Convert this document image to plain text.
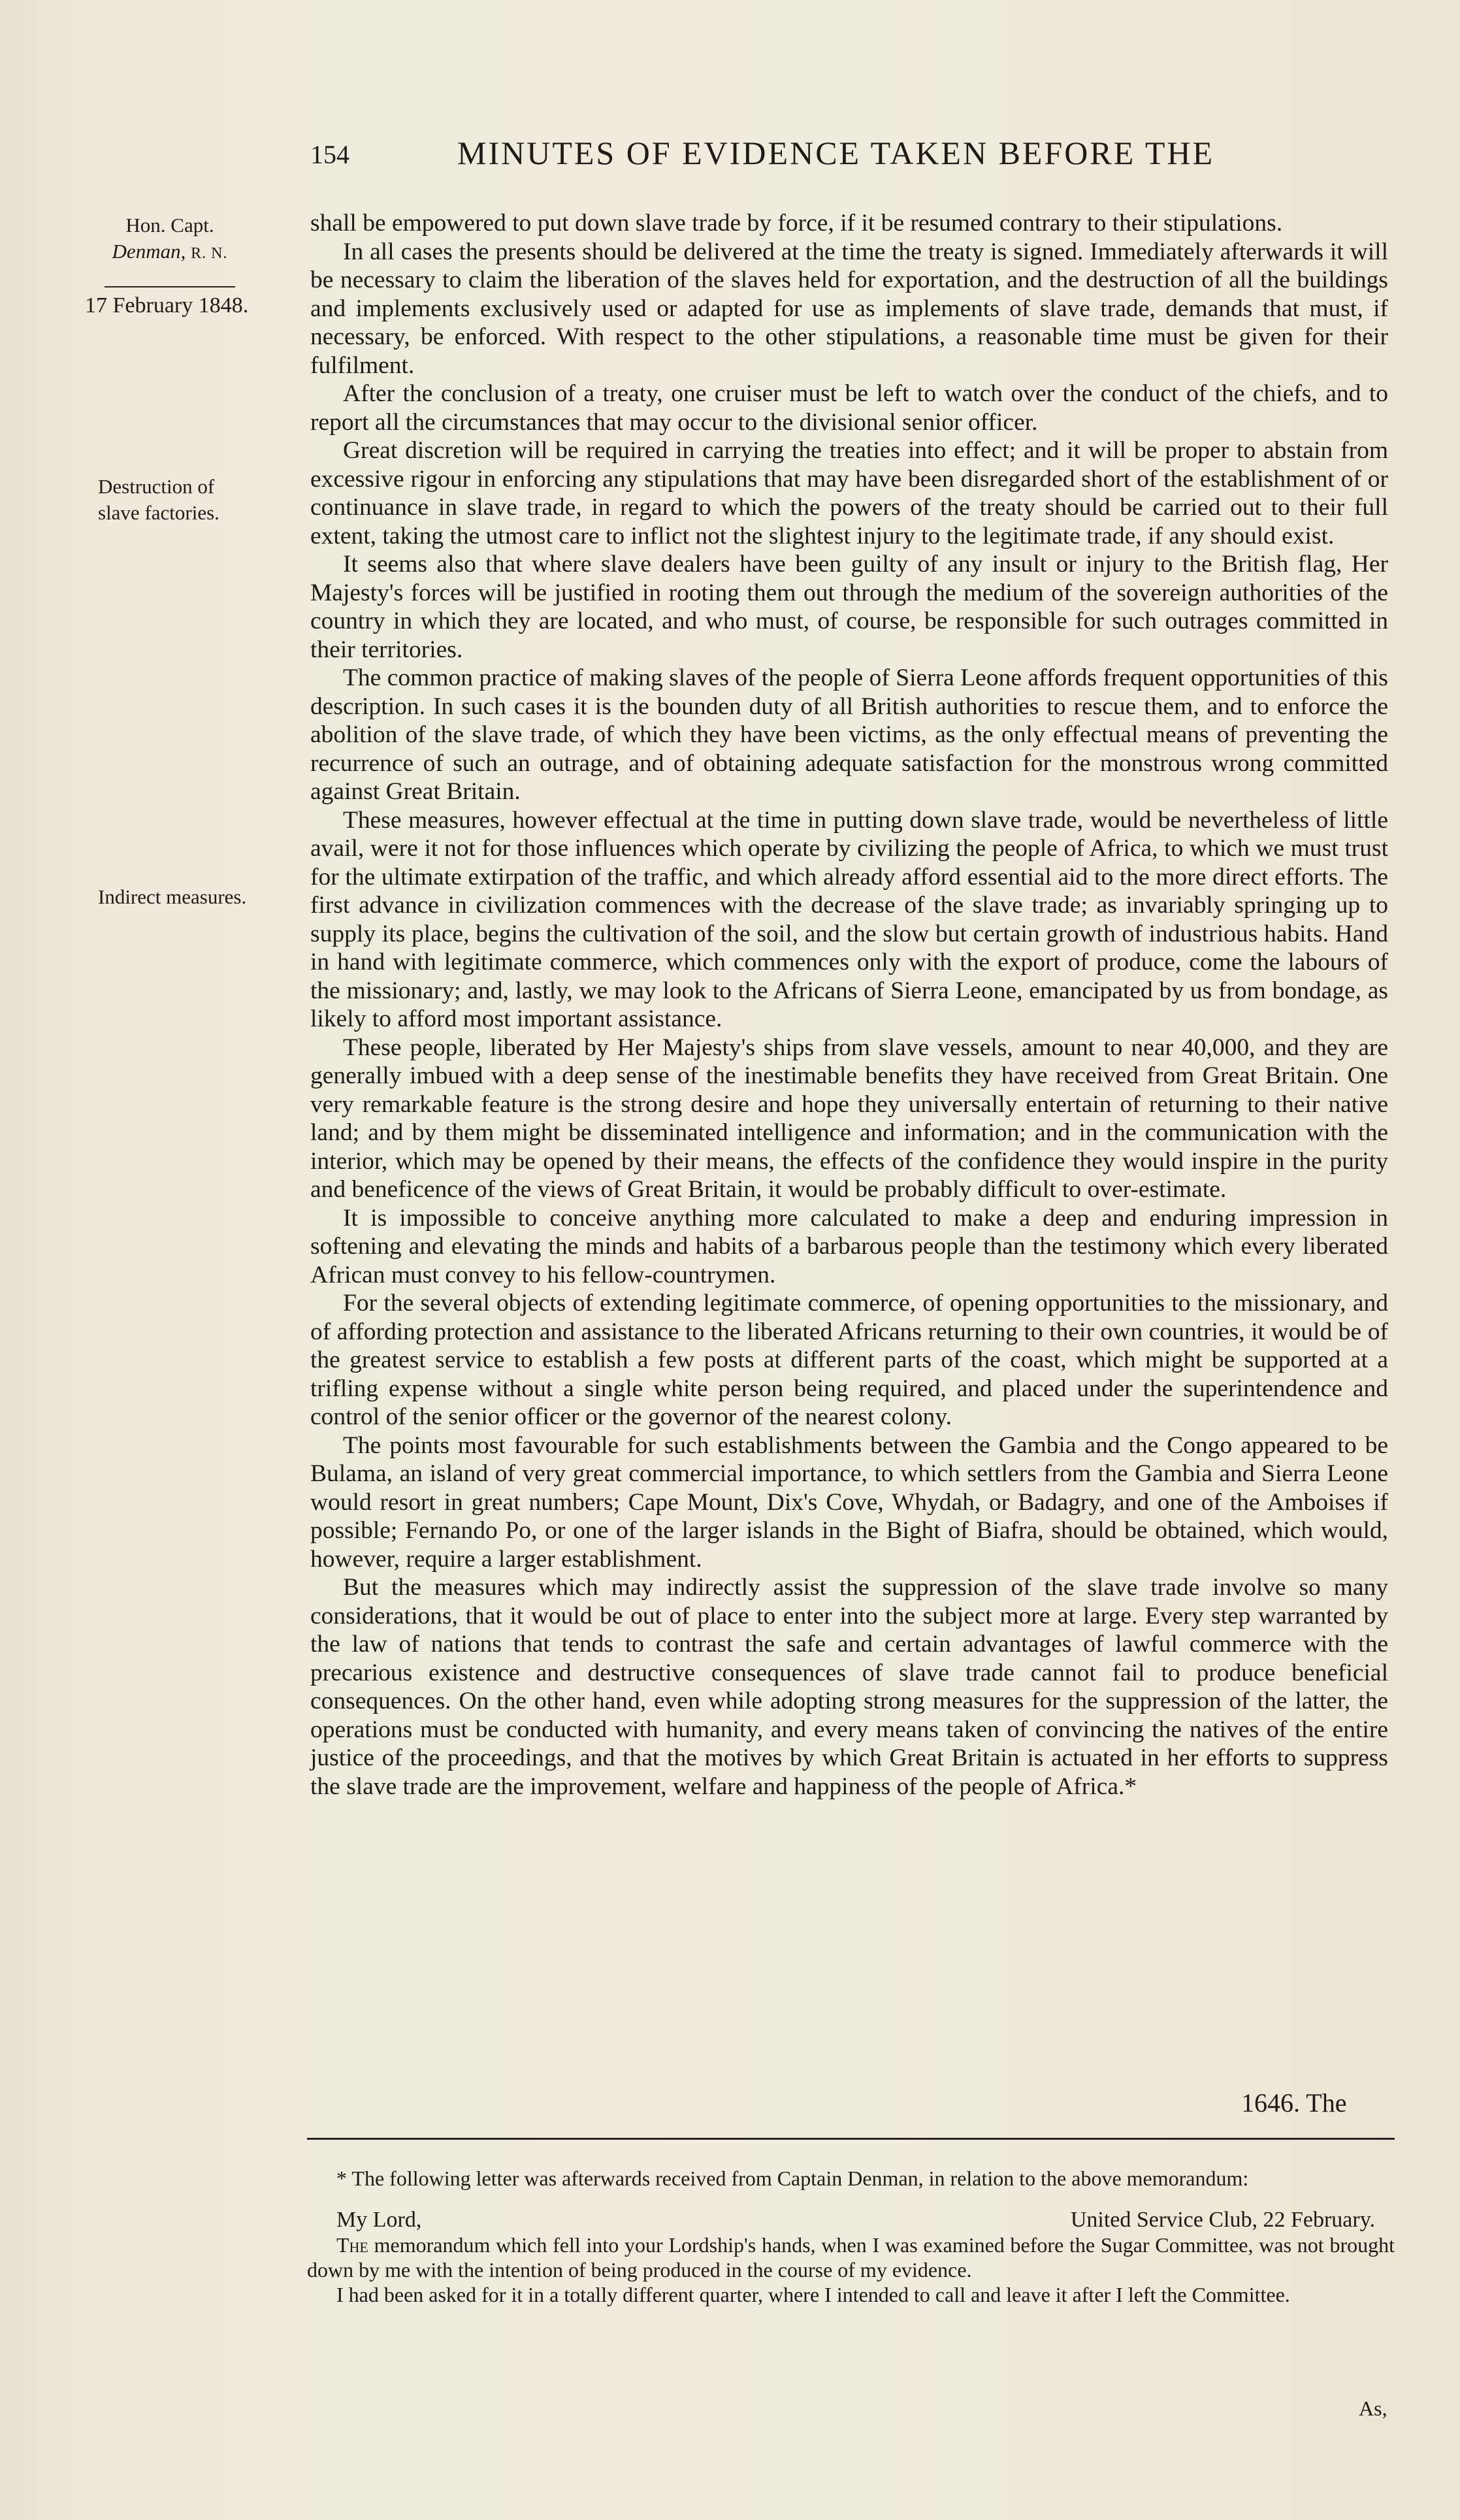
154	MINUTES OF EVIDENCE TAKEN BEFORE THE
Hon. Capt.
Denman, R. N.
17 February 1848.
Destruction of
slave factories.
Indirect measures.

shall be empowered to put down slave trade by force, if it be resumed contrary to their stipulations.

In all cases the presents should be delivered at the time the treaty is signed. Immediately afterwards it will be necessary to claim the liberation of the slaves held for exportation, and the destruction of all the buildings and implements exclusively used or adapted for use as implements of slave trade, demands that must, if necessary, be enforced. With respect to the other stipulations, a reasonable time must be given for their fulfilment.

After the conclusion of a treaty, one cruiser must be left to watch over the conduct of the chiefs, and to report all the circumstances that may occur to the divisional senior officer.

Great discretion will be required in carrying the treaties into effect; and it will be proper to abstain from excessive rigour in enforcing any stipulations that may have been disregarded short of the establishment of or continuance in slave trade, in regard to which the powers of the treaty should be carried out to their full extent, taking the utmost care to inflict not the slightest injury to the legitimate trade, if any should exist.

It seems also that where slave dealers have been guilty of any insult or injury to the British flag, Her Majesty's forces will be justified in rooting them out through the medium of the sovereign authorities of the country in which they are located, and who must, of course, be responsible for such outrages committed in their territories.

The common practice of making slaves of the people of Sierra Leone affords frequent opportunities of this description. In such cases it is the bounden duty of all British authorities to rescue them, and to enforce the abolition of the slave trade, of which they have been victims, as the only effectual means of preventing the recurrence of such an outrage, and of obtaining adequate satisfaction for the monstrous wrong committed against Great Britain.

These measures, however effectual at the time in putting down slave trade, would be nevertheless of little avail, were it not for those influences which operate by civilizing the people of Africa, to which we must trust for the ultimate extirpation of the traffic, and which already afford essential aid to the more direct efforts. The first advance in civilization commences with the decrease of the slave trade; as invariably springing up to supply its place, begins the cultivation of the soil, and the slow but certain growth of industrious habits. Hand in hand with legitimate commerce, which commences only with the export of produce, come the labours of the missionary; and, lastly, we may look to the Africans of Sierra Leone, emancipated by us from bondage, as likely to afford most important assistance.

These people, liberated by Her Majesty's ships from slave vessels, amount to near 40,000, and they are generally imbued with a deep sense of the inestimable benefits they have received from Great Britain. One very remarkable feature is the strong desire and hope they universally entertain of returning to their native land; and by them might be disseminated intelligence and information; and in the communication with the interior, which may be opened by their means, the effects of the confidence they would inspire in the purity and beneficence of the views of Great Britain, it would be probably difficult to over-estimate.

It is impossible to conceive anything more calculated to make a deep and enduring impression in softening and elevating the minds and habits of a barbarous people than the testimony which every liberated African must convey to his fellow-countrymen.

For the several objects of extending legitimate commerce, of opening opportunities to the missionary, and of affording protection and assistance to the liberated Africans returning to their own countries, it would be of the greatest service to establish a few posts at different parts of the coast, which might be supported at a trifling expense without a single white person being required, and placed under the superintendence and control of the senior officer or the governor of the nearest colony.

The points most favourable for such establishments between the Gambia and the Congo appeared to be Bulama, an island of very great commercial importance, to which settlers from the Gambia and Sierra Leone would resort in great numbers; Cape Mount, Dix's Cove, Whydah, or Badagry, and one of the Amboises if possible; Fernando Po, or one of the larger islands in the Bight of Biafra, should be obtained, which would, however, require a larger establishment.

But the measures which may indirectly assist the suppression of the slave trade involve so many considerations, that it would be out of place to enter into the subject more at large. Every step warranted by the law of nations that tends to contrast the safe and certain advantages of lawful commerce with the precarious existence and destructive consequences of slave trade cannot fail to produce beneficial consequences. On the other hand, even while adopting strong measures for the suppression of the latter, the operations must be conducted with humanity, and every means taken of convincing the natives of the entire justice of the proceedings, and that the motives by which Great Britain is actuated in her efforts to suppress the slave trade are the improvement, welfare and happiness of the people of Africa.*

1646. The

* The following letter was afterwards received from Captain Denman, in relation to the above memorandum:

My Lord,	United Service Club, 22 February.

The memorandum which fell into your Lordship's hands, when I was examined before the Sugar Committee, was not brought down by me with the intention of being produced in the course of my evidence.

I had been asked for it in a totally different quarter, where I intended to call and leave it after I left the Committee.

As,
